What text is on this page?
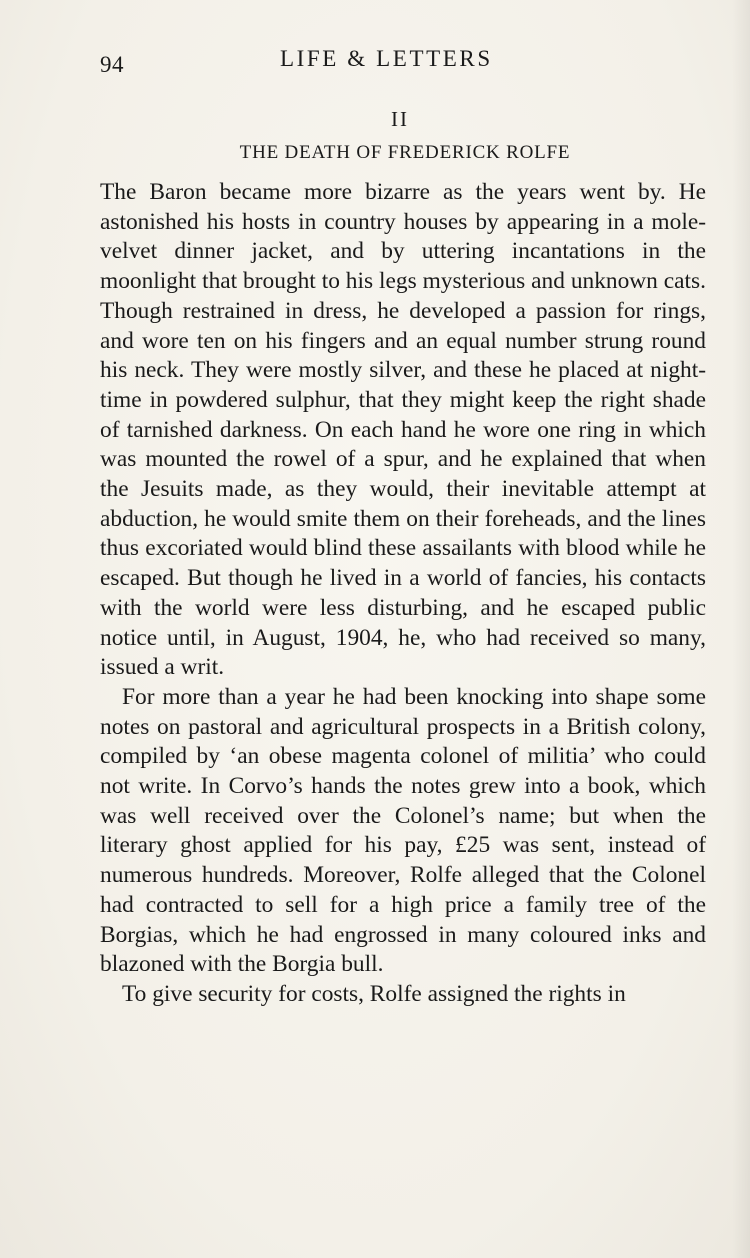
94	LIFE & LETTERS
II
THE DEATH OF FREDERICK ROLFE

The Baron became more bizarre as the years went by. He astonished his hosts in country houses by appearing in a mole-velvet dinner jacket, and by uttering incantations in the moonlight that brought to his legs mysterious and unknown cats. Though restrained in dress, he developed a passion for rings, and wore ten on his fingers and an equal number strung round his neck. They were mostly silver, and these he placed at night-time in powdered sulphur, that they might keep the right shade of tarnished darkness. On each hand he wore one ring in which was mounted the rowel of a spur, and he explained that when the Jesuits made, as they would, their inevitable attempt at abduction, he would smite them on their foreheads, and the lines thus excoriated would blind these assailants with blood while he escaped. But though he lived in a world of fancies, his contacts with the world were less disturbing, and he escaped public notice until, in August, 1904, he, who had received so many, issued a writ.

For more than a year he had been knocking into shape some notes on pastoral and agricultural prospects in a British colony, compiled by ‘an obese magenta colonel of militia’ who could not write. In Corvo’s hands the notes grew into a book, which was well received over the Colonel’s name; but when the literary ghost applied for his pay, £25 was sent, instead of numerous hundreds. Moreover, Rolfe alleged that the Colonel had contracted to sell for a high price a family tree of the Borgias, which he had engrossed in many coloured inks and blazoned with the Borgia bull.

To give security for costs, Rolfe assigned the rights in
